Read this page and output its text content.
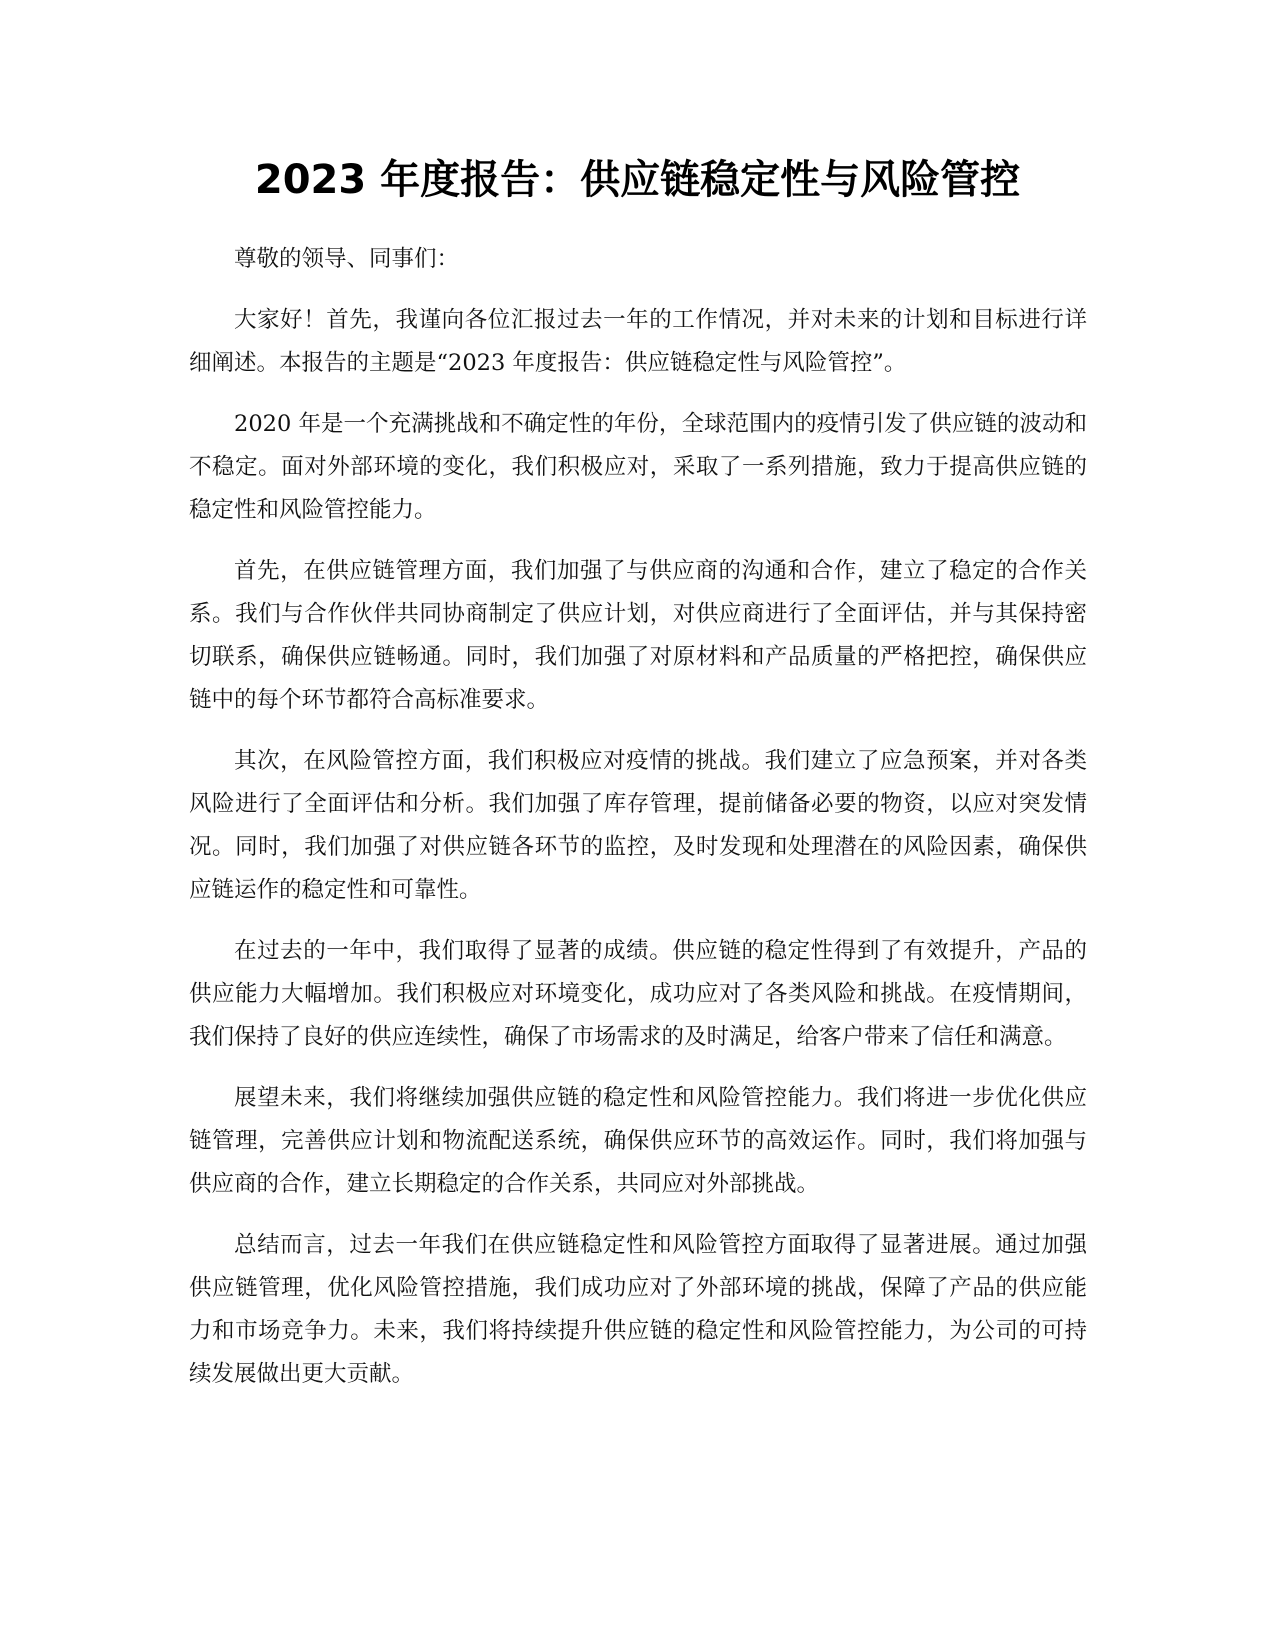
2023 年度报告：供应链稳定性与风险管控

尊敬的领导、同事们：

大家好！首先，我谨向各位汇报过去一年的工作情况，并对未来的计划和目标进行详细阐述。本报告的主题是“2023 年度报告：供应链稳定性与风险管控”。

2020 年是一个充满挑战和不确定性的年份，全球范围内的疫情引发了供应链的波动和不稳定。面对外部环境的变化，我们积极应对，采取了一系列措施，致力于提高供应链的稳定性和风险管控能力。

首先，在供应链管理方面，我们加强了与供应商的沟通和合作，建立了稳定的合作关系。我们与合作伙伴共同协商制定了供应计划，对供应商进行了全面评估，并与其保持密切联系，确保供应链畅通。同时，我们加强了对原材料和产品质量的严格把控，确保供应链中的每个环节都符合高标准要求。

其次，在风险管控方面，我们积极应对疫情的挑战。我们建立了应急预案，并对各类风险进行了全面评估和分析。我们加强了库存管理，提前储备必要的物资，以应对突发情况。同时，我们加强了对供应链各环节的监控，及时发现和处理潜在的风险因素，确保供应链运作的稳定性和可靠性。

在过去的一年中，我们取得了显著的成绩。供应链的稳定性得到了有效提升，产品的供应能力大幅增加。我们积极应对环境变化，成功应对了各类风险和挑战。在疫情期间，我们保持了良好的供应连续性，确保了市场需求的及时满足，给客户带来了信任和满意。

展望未来，我们将继续加强供应链的稳定性和风险管控能力。我们将进一步优化供应链管理，完善供应计划和物流配送系统，确保供应环节的高效运作。同时，我们将加强与供应商的合作，建立长期稳定的合作关系，共同应对外部挑战。

总结而言，过去一年我们在供应链稳定性和风险管控方面取得了显著进展。通过加强供应链管理，优化风险管控措施，我们成功应对了外部环境的挑战，保障了产品的供应能力和市场竞争力。未来，我们将持续提升供应链的稳定性和风险管控能力，为公司的可持续发展做出更大贡献。
